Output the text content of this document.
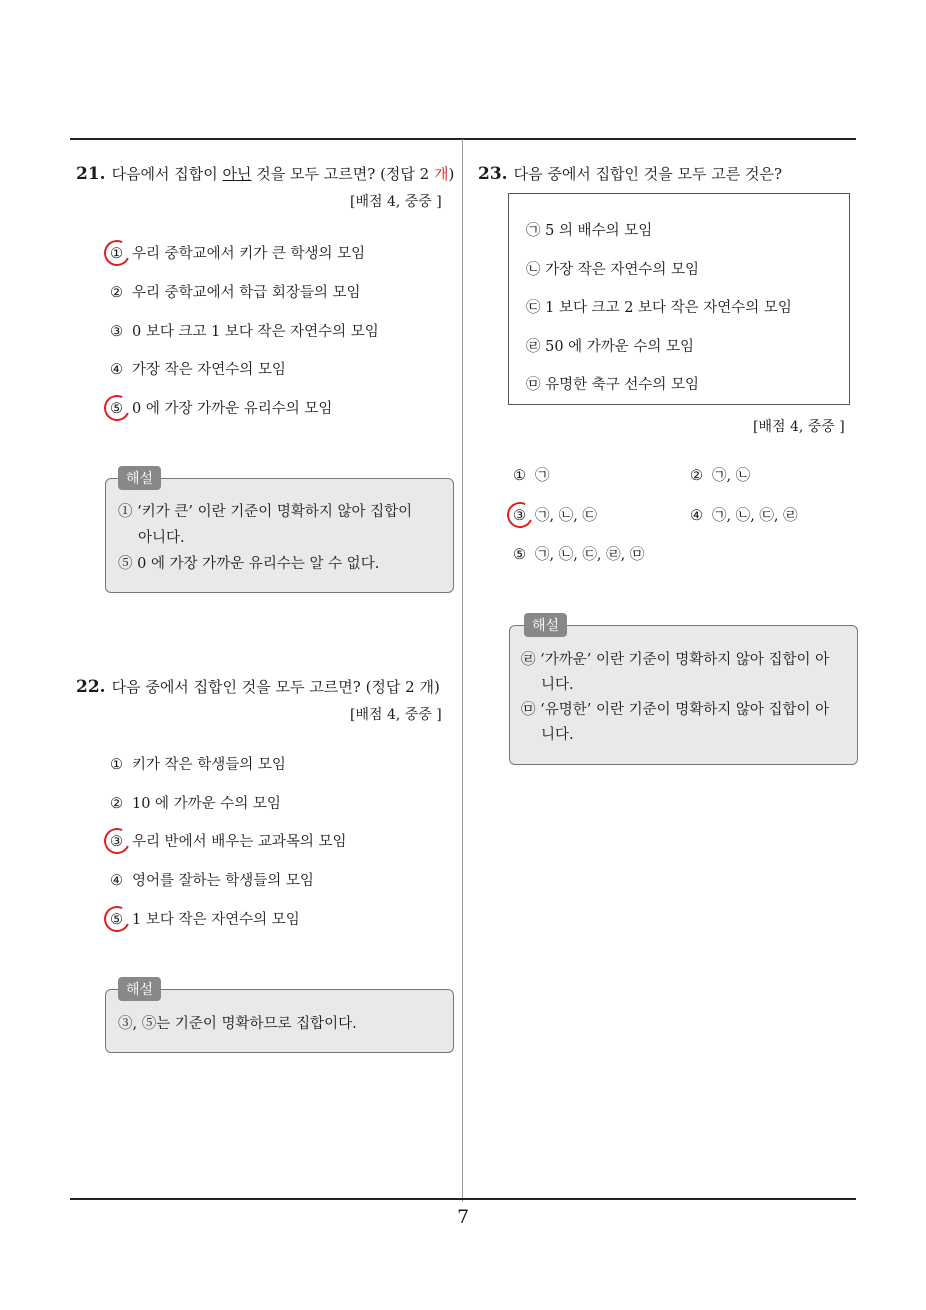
21. 다음에서 집합이 아닌 것을 모두 고르면? (정답 2 개)
[배점 4, 중중 ]
① 우리 중학교에서 키가 큰 학생의 모임
② 우리 중학교에서 학급 회장들의 모임
③ 0 보다 크고 1 보다 작은 자연수의 모임
④ 가장 작은 자연수의 모임
⑤ 0 에 가장 가까운 유리수의 모임
해설
① ‘키가 큰’ 이란 기준이 명확하지 않아 집합이
아니다.
⑤ 0 에 가장 가까운 유리수는 알 수 없다.
22. 다음 중에서 집합인 것을 모두 고르면? (정답 2 개)
[배점 4, 중중 ]
① 키가 작은 학생들의 모임
② 10 에 가까운 수의 모임
③ 우리 반에서 배우는 교과목의 모임
④ 영어를 잘하는 학생들의 모임
⑤ 1 보다 작은 자연수의 모임
해설
③, ⑤는 기준이 명확하므로 집합이다.
23. 다음 중에서 집합인 것을 모두 고른 것은?
㉠ 5 의 배수의 모임
㉡ 가장 작은 자연수의 모임
㉢ 1 보다 크고 2 보다 작은 자연수의 모임
㉣ 50 에 가까운 수의 모임
㉤ 유명한 축구 선수의 모임
[배점 4, 중중 ]
① ㉠	② ㉠, ㉡
③ ㉠, ㉡, ㉢	④ ㉠, ㉡, ㉢, ㉣
⑤ ㉠, ㉡, ㉢, ㉣, ㉤
해설
㉣ ‘가까운’ 이란 기준이 명확하지 않아 집합이 아
니다.
㉤ ‘유명한’ 이란 기준이 명확하지 않아 집합이 아
니다.
7
